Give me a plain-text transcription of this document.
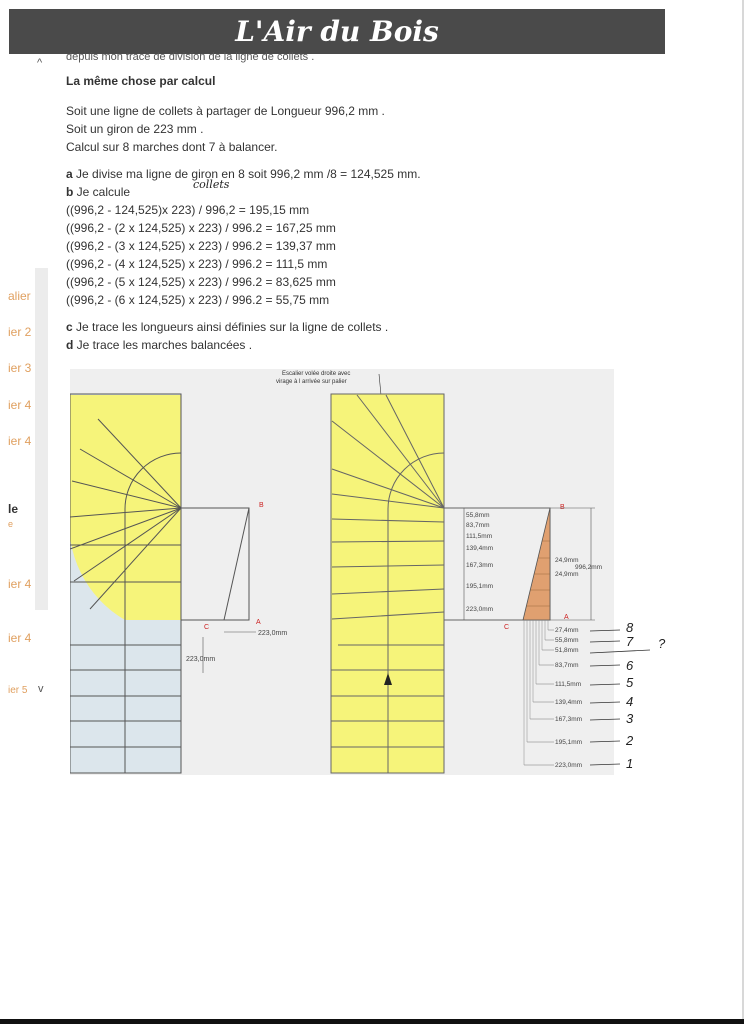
L'Air du Bois
depuis mon tracé de division de la ligne de collets .
^
alier
ier 2
ier 3
ier 4
ier 4
le
e
ier 4
ier 4
ier 5 v
La même chose par calcul
Soit une ligne de collets à partager de Longueur 996,2 mm .
Soit un giron de 223 mm .
Calcul sur 8 marches dont 7 à balancer.
a Je divise ma ligne de giron en 8 soit 996,2 mm /8 = 124,525 mm.
b Je calcule
((996,2 - 124,525)x 223) / 996,2 = 195,15 mm
((996,2 - (2 x 124,525) x 223) / 996.2 = 167,25 mm
((996,2 - (3 x 124,525) x 223) / 996.2 = 139,37 mm
((996,2 - (4 x 124,525) x 223) / 996.2 = 111,5 mm
((996,2 - (5 x 124,525) x 223) / 996.2 = 83,625 mm
((996,2 - (6 x 124,525) x 223) / 996.2 = 55,75 mm
c Je trace les longueurs ainsi définies sur la ligne de collets .
d Je trace les marches balancées .
collets
B
A
C
223,0mm
223,0mm
Escalier volée droite avec
virage à l arrivée sur palier
55,8mm
83,7mm
111,5mm
139,4mm
167,3mm
195,1mm
223,0mm
B
A
C
996,2mm
24,9mm
24,9mm
27,4mm
55,8mm
51,8mm
83,7mm
111,5mm
139,4mm
167,3mm
195,1mm
223,0mm
8
7
6
5
4
3
2
1
?
